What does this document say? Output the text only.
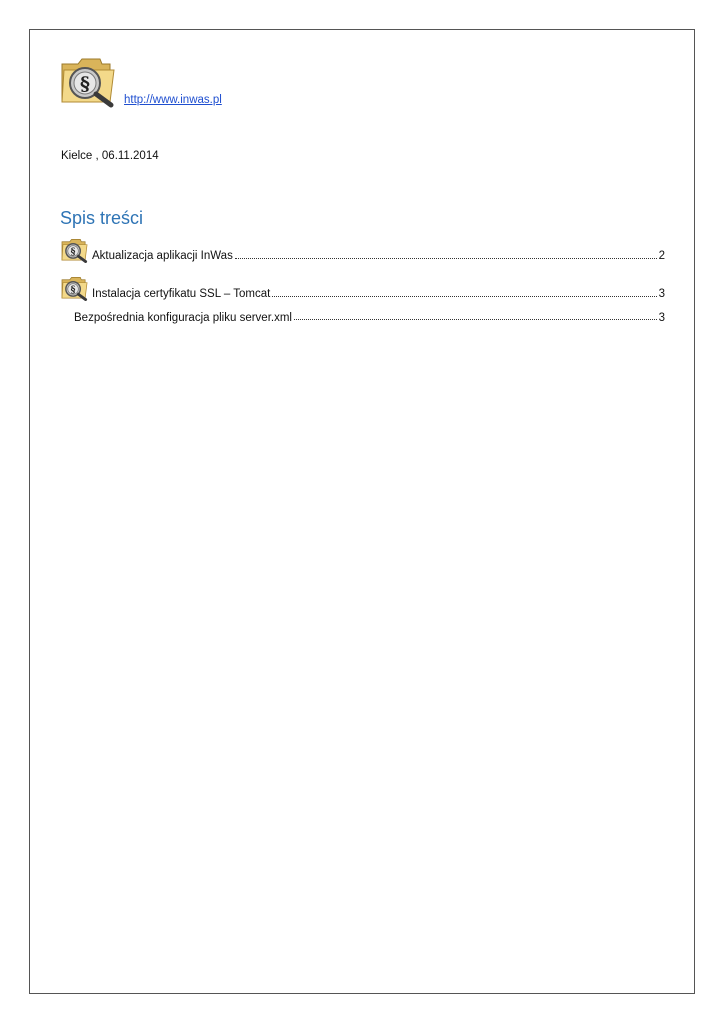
§
http://www.inwas.pl
Kielce , 06.11.2014
Spis treści
§ Aktualizacja aplikacji InWas	2
§ Instalacja certyfikatu SSL – Tomcat	3
Bezpośrednia konfiguracja pliku server.xml	3
